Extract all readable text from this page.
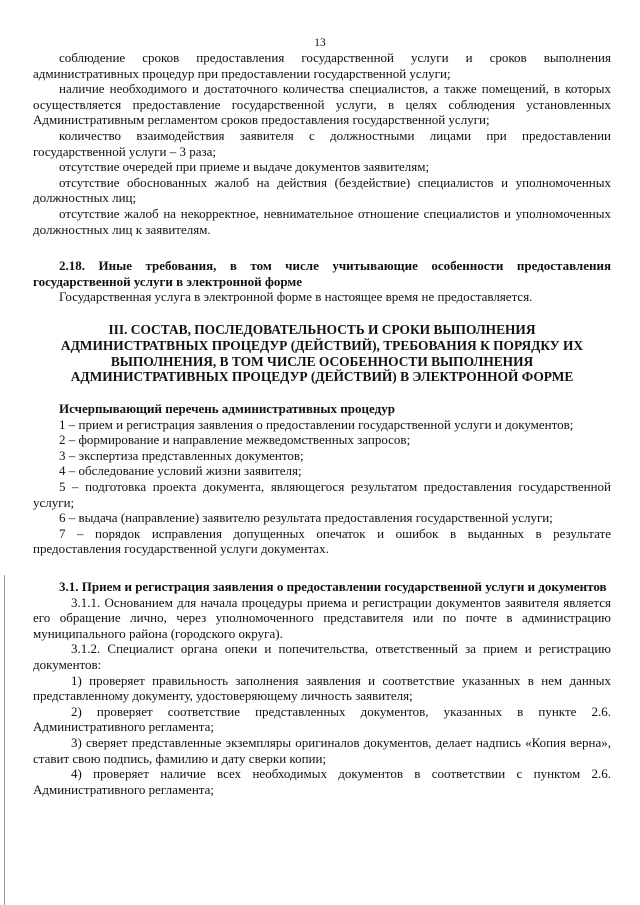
13

соблюдение сроков предоставления государственной услуги и сроков выполнения административных процедур при предоставлении государственной услуги;

наличие необходимого и достаточного количества специалистов, а также помещений, в которых осуществляется предоставление государственной услуги, в целях соблюдения установленных Административным регламентом сроков предоставления государственной услуги;

количество взаимодействия заявителя с должностными лицами при предоставлении государственной услуги – 3 раза;

отсутствие очередей при приеме и выдаче документов заявителям;

отсутствие обоснованных жалоб на действия (бездействие) специалистов и уполномоченных должностных лиц;

отсутствие жалоб на некорректное, невнимательное отношение специалистов и уполномоченных должностных лиц к заявителям.

2.18. Иные требования, в том числе учитывающие особенности предоставления государственной услуги в электронной форме

Государственная услуга в электронной форме в настоящее время не предоставляется.

III. СОСТАВ, ПОСЛЕДОВАТЕЛЬНОСТЬ И СРОКИ ВЫПОЛНЕНИЯ АДМИНИСТРАТВНЫХ ПРОЦЕДУР (ДЕЙСТВИЙ), ТРЕБОВАНИЯ К ПОРЯДКУ ИХ ВЫПОЛНЕНИЯ, В ТОМ ЧИСЛЕ ОСОБЕННОСТИ ВЫПОЛНЕНИЯ АДМИНИСТРАТИВНЫХ ПРОЦЕДУР (ДЕЙСТВИЙ) В ЭЛЕКТРОННОЙ ФОРМЕ

Исчерпывающий перечень административных процедур

1 – прием и регистрация заявления о предоставлении государственной услуги и документов;

2 – формирование и направление межведомственных запросов;

3 – экспертиза представленных документов;

4 – обследование условий жизни заявителя;

5 – подготовка проекта документа, являющегося результатом предоставления государственной услуги;

6 – выдача (направление) заявителю результата предоставления государственной услуги;

7 – порядок исправления допущенных опечаток и ошибок в выданных в результате предоставления государственной услуги документах.

3.1. Прием и регистрация заявления о предоставлении государственной услуги и документов

3.1.1. Основанием для начала процедуры приема и регистрации документов заявителя является его обращение лично, через уполномоченного представителя или по почте в администрацию муниципального района (городского округа).

3.1.2. Специалист органа опеки и попечительства, ответственный за прием и регистрацию документов:

1) проверяет правильность заполнения заявления и соответствие указанных в нем данных представленному документу, удостоверяющему личность заявителя;

2) проверяет соответствие представленных документов, указанных в пункте 2.6. Административного регламента;

3) сверяет представленные экземпляры оригиналов документов, делает надпись «Копия верна», ставит свою подпись, фамилию и дату сверки копии;

4) проверяет наличие всех необходимых документов в соответствии с пунктом 2.6. Административного регламента;
